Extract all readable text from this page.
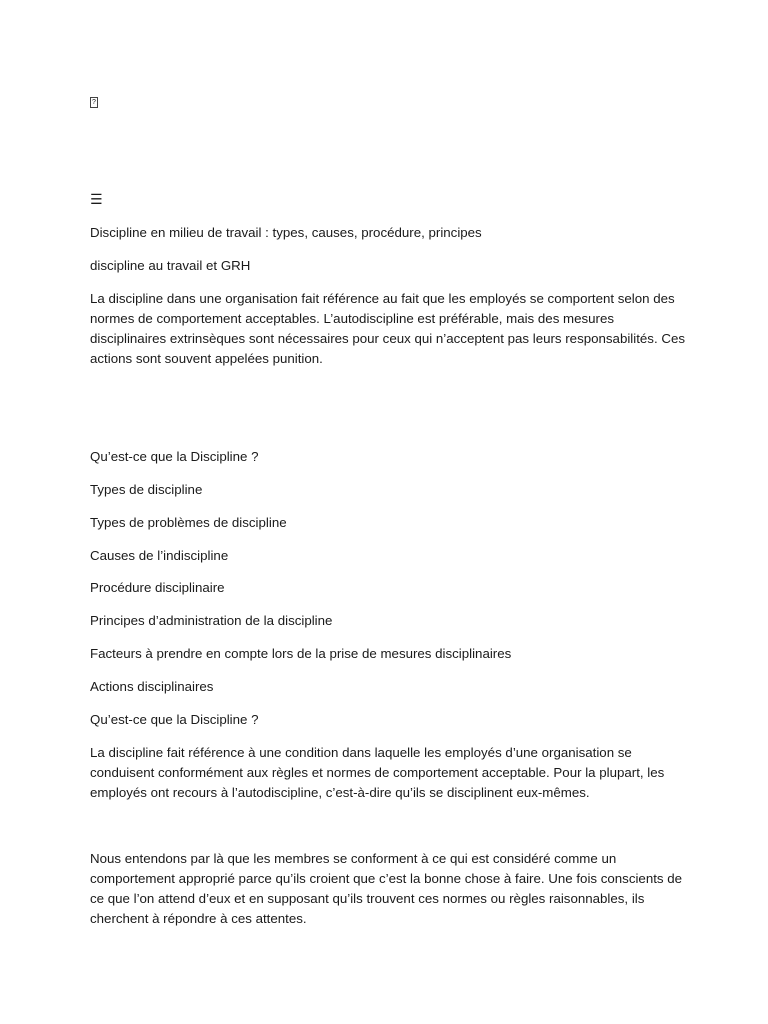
?
☰

Discipline en milieu de travail : types, causes, procédure, principes

discipline au travail et GRH

La discipline dans une organisation fait référence au fait que les employés se comportent selon des normes de comportement acceptables. L’autodiscipline est préférable, mais des mesures disciplinaires extrinsèques sont nécessaires pour ceux qui n’acceptent pas leurs responsabilités. Ces actions sont souvent appelées punition.

Qu’est-ce que la Discipline ?

Types de discipline

Types de problèmes de discipline

Causes de l’indiscipline

Procédure disciplinaire

Principes d’administration de la discipline

Facteurs à prendre en compte lors de la prise de mesures disciplinaires

Actions disciplinaires

Qu’est-ce que la Discipline ?

La discipline fait référence à une condition dans laquelle les employés d’une organisation se conduisent conformément aux règles et normes de comportement acceptable. Pour la plupart, les employés ont recours à l’autodiscipline, c’est-à-dire qu’ils se disciplinent eux-mêmes.

Nous entendons par là que les membres se conforment à ce qui est considéré comme un comportement approprié parce qu’ils croient que c’est la bonne chose à faire. Une fois conscients de ce que l’on attend d’eux et en supposant qu’ils trouvent ces normes ou règles raisonnables, ils cherchent à répondre à ces attentes.
